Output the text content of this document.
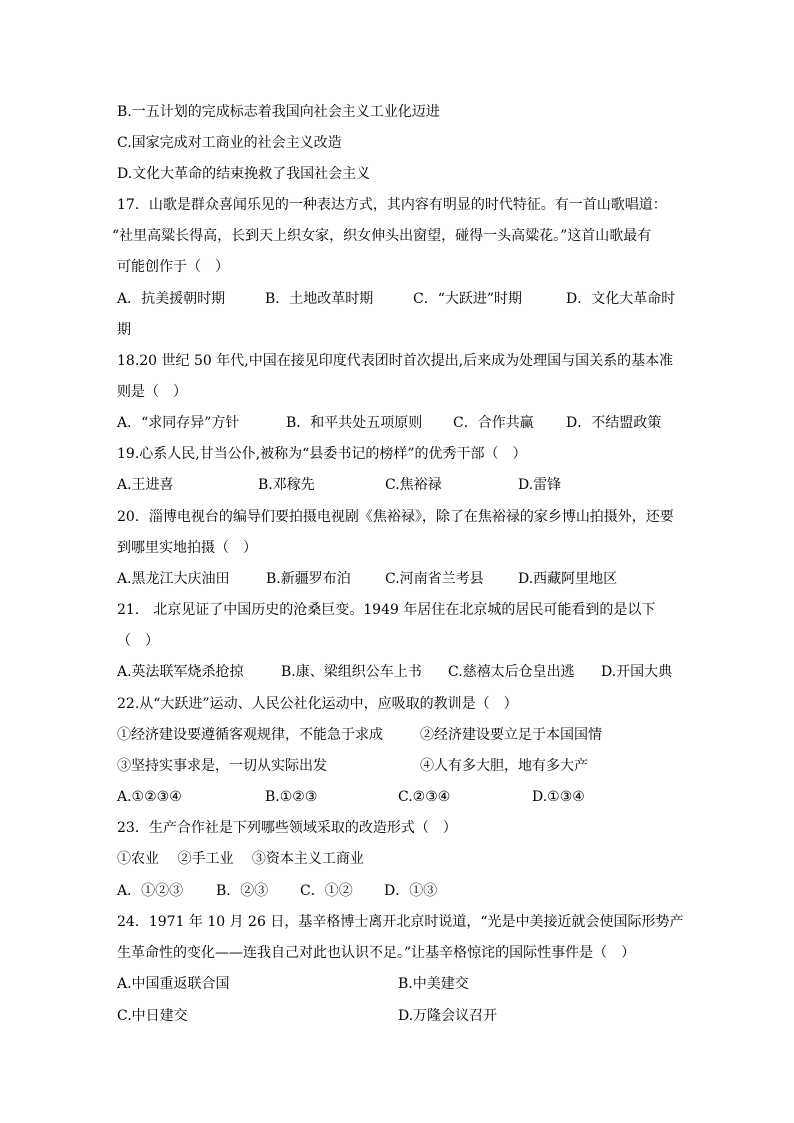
B.一五计划的完成标志着我国向社会主义工业化迈进
C.国家完成对工商业的社会主义改造
D.文化大革命的结束挽救了我国社会主义
17．山歌是群众喜闻乐见的一种表达方式，其内容有明显的时代特征。有一首山歌唱道：
“社里高粱长得高，长到天上织女家，织女伸头出窗望，碰得一头高粱花。”这首山歌最有
可能创作于（　）
A．抗美援朝时期	B．土地改革时期	C．“大跃进”时期	D．文化大革命时
期
18.20 世纪 50 年代,中国在接见印度代表团时首次提出,后来成为处理国与国关系的基本准
则是（　）
A．“求同存异”方针	B．和平共处五项原则 C．合作共赢 D．不结盟政策
19.心系人民,甘当公仆,被称为“县委书记的榜样”的优秀干部（　）
A.王进喜	B.邓稼先	C.焦裕禄	D.雷锋
20．淄博电视台的编导们要拍摄电视剧《焦裕禄》，除了在焦裕禄的家乡博山拍摄外，还要
到哪里实地拍摄（　）
A.黑龙江大庆油田	B.新疆罗布泊 C.河南省兰考县 D.西藏阿里地区
21． 北京见证了中国历史的沧桑巨变。1949 年居住在北京城的居民可能看到的是以下
（　）
A.英法联军烧杀抢掠	B.康、梁组织公车上书 C.慈禧太后仓皇出逃 D.开国大典
22.从“大跃进”运动、人民公社化运动中，应吸取的教训是（　）
①经济建设要遵循客观规律，不能急于求成	②经济建设要立足于本国国情
③坚持实事求是，一切从实际出发	④人有多大胆，地有多大产
A.①②③④	B.①②③	C.②③④	D.①③④
23．生产合作社是下列哪些领域采取的改造形式（　）
①农业　 ②手工业　 ③资本主义工商业
A．①②③ B．②③ C．①② D．①③
24．1971 年 10 月 26 日，基辛格博士离开北京时说道，“光是中美接近就会使国际形势产
生革命性的变化——连我自己对此也认识不足。”让基辛格惊诧的国际性事件是（　）
A.中国重返联合国	B.中美建交
C.中日建交	D.万隆会议召开
